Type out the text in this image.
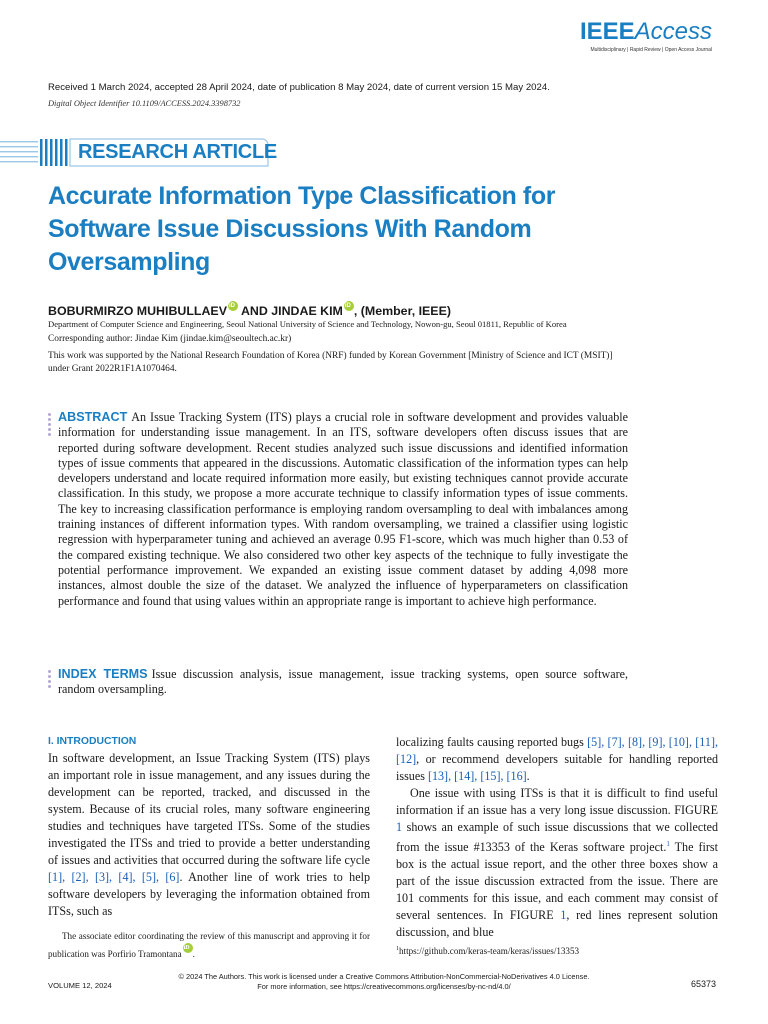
IEEEAccess
Multidisciplinary | Rapid Review | Open Access Journal
Received 1 March 2024, accepted 28 April 2024, date of publication 8 May 2024, date of current version 15 May 2024.
Digital Object Identifier 10.1109/ACCESS.2024.3398732
RESEARCH ARTICLE
Accurate Information Type Classification for Software Issue Discussions With Random Oversampling
BOBURMIRZO MUHIBULLAEV iD AND JINDAE KIM iD , (Member, IEEE)
Department of Computer Science and Engineering, Seoul National University of Science and Technology, Nowon-gu, Seoul 01811, Republic of Korea
Corresponding author: Jindae Kim (jindae.kim@seoultech.ac.kr)
This work was supported by the National Research Foundation of Korea (NRF) funded by Korean Government [Ministry of Science and ICT (MSIT)] under Grant 2022R1F1A1070464.

ABSTRACT An Issue Tracking System (ITS) plays a crucial role in software development and provides valuable information for understanding issue management. In an ITS, software developers often discuss issues that are reported during software development. Recent studies analyzed such issue discussions and identified information types of issue comments that appeared in the discussions. Automatic classification of the information types can help developers understand and locate required information more easily, but existing techniques cannot provide accurate classification. In this study, we propose a more accurate technique to classify information types of issue comments. The key to increasing classification performance is employing random oversampling to deal with imbalances among training instances of different information types. With random oversampling, we trained a classifier using logistic regression with hyperparameter tuning and achieved an average 0.95 F1-score, which was much higher than 0.53 of the compared existing technique. We also considered two other key aspects of the technique to fully investigate the potential performance improvement. We expanded an existing issue comment dataset by adding 4,098 more instances, almost double the size of the dataset. We analyzed the influence of hyperparameters on classification performance and found that using values within an appropriate range is important to achieve high performance.

INDEX TERMS Issue discussion analysis, issue management, issue tracking systems, open source software, random oversampling.

I. INTRODUCTION

In software development, an Issue Tracking System (ITS) plays an important role in issue management, and any issues during the development can be reported, tracked, and discussed in the system. Because of its crucial roles, many software engineering studies and techniques have targeted ITSs. Some of the studies investigated the ITSs and tried to provide a better understanding of issues and activities that occurred during the software life cycle [1], [2], [3], [4], [5], [6]. Another line of work tries to help software developers by leveraging the information obtained from ITSs, such as

localizing faults causing reported bugs [5], [7], [8], [9], [10], [11], [12], or recommend developers suitable for handling reported issues [13], [14], [15], [16].

One issue with using ITSs is that it is difficult to find useful information if an issue has a very long issue discussion. FIGURE 1 shows an example of such issue discussions that we collected from the issue #13353 of the Keras software project.$^1$ The first box is the actual issue report, and the other three boxes show a part of the issue discussion extracted from the issue. There are 101 comments for this issue, and each comment may consist of several sentences. In FIGURE 1, red lines represent solution discussion, and blue

The associate editor coordinating the review of this manuscript and approving it for publication was Porfirio TramontanaiD .	$^1$https://github.com/keras-team/keras/issues/13353
© 2024 The Authors. This work is licensed under a Creative Commons Attribution-NonCommercial-NoDerivatives 4.0 License.
For more information, see https://creativecommons.org/licenses/by-nc-nd/4.0/
VOLUME 12, 2024	65373
